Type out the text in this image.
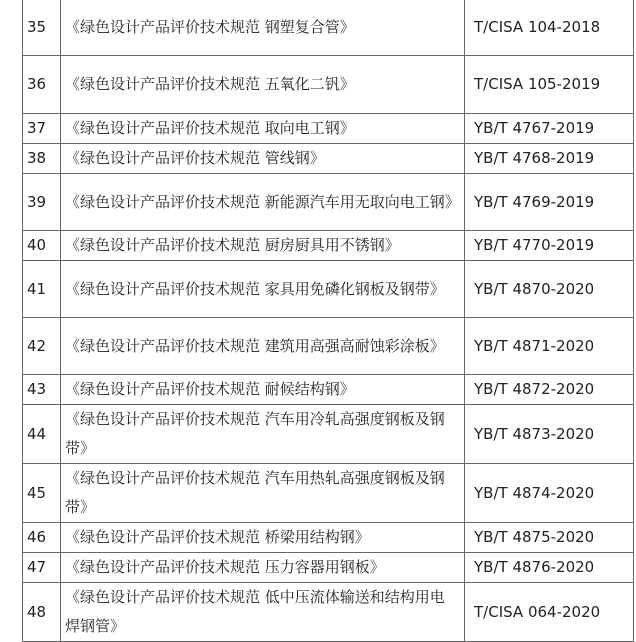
35	《绿色设计产品评价技术规范 钢塑复合管》	T/CISA 104-2018
36	《绿色设计产品评价技术规范 五氧化二钒》	T/CISA 105-2019
37	《绿色设计产品评价技术规范 取向电工钢》	YB/T 4767-2019
38	《绿色设计产品评价技术规范 管线钢》	YB/T 4768-2019
39	《绿色设计产品评价技术规范 新能源汽车用无取向电工钢》	YB/T 4769-2019
40	《绿色设计产品评价技术规范 厨房厨具用不锈钢》	YB/T 4770-2019
41	《绿色设计产品评价技术规范 家具用免磷化钢板及钢带》	YB/T 4870-2020
42	《绿色设计产品评价技术规范 建筑用高强高耐蚀彩涂板》	YB/T 4871-2020
43	《绿色设计产品评价技术规范 耐候结构钢》	YB/T 4872-2020
44	《绿色设计产品评价技术规范 汽车用冷轧高强度钢板及钢带》	YB/T 4873-2020
45	《绿色设计产品评价技术规范 汽车用热轧高强度钢板及钢带》	YB/T 4874-2020
46	《绿色设计产品评价技术规范 桥梁用结构钢》	YB/T 4875-2020
47	《绿色设计产品评价技术规范 压力容器用钢板》	YB/T 4876-2020
48	《绿色设计产品评价技术规范 低中压流体输送和结构用电焊钢管》	T/CISA 064-2020
